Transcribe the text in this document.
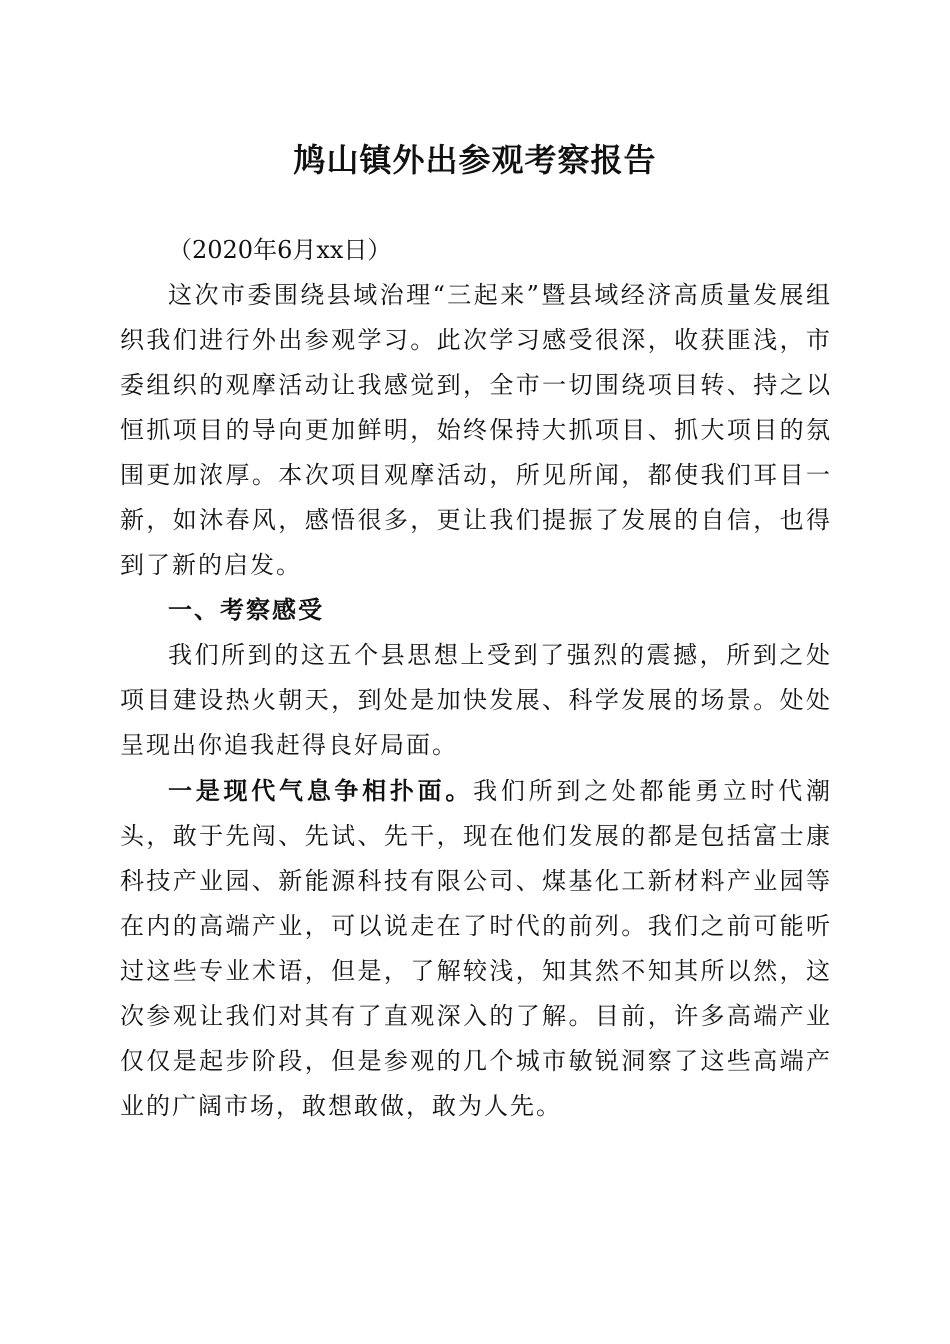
鸠山镇外出参观考察报告

（2020年6月xx日）

这次市委围绕县域治理“三起来”暨县域经济高质量发展组织我们进行外出参观学习。此次学习感受很深，收获匪浅，市委组织的观摩活动让我感觉到，全市一切围绕项目转、持之以恒抓项目的导向更加鲜明，始终保持大抓项目、抓大项目的氛围更加浓厚。本次项目观摩活动，所见所闻，都使我们耳目一新，如沐春风，感悟很多，更让我们提振了发展的自信，也得到了新的启发。

一、考察感受

我们所到的这五个县思想上受到了强烈的震撼，所到之处项目建设热火朝天，到处是加快发展、科学发展的场景。处处呈现出你追我赶得良好局面。

一是现代气息争相扑面。我们所到之处都能勇立时代潮头，敢于先闯、先试、先干，现在他们发展的都是包括富士康科技产业园、新能源科技有限公司、煤基化工新材料产业园等在内的高端产业，可以说走在了时代的前列。我们之前可能听过这些专业术语，但是，了解较浅，知其然不知其所以然，这次参观让我们对其有了直观深入的了解。目前，许多高端产业仅仅是起步阶段，但是参观的几个城市敏锐洞察了这些高端产业的广阔市场，敢想敢做，敢为人先。
